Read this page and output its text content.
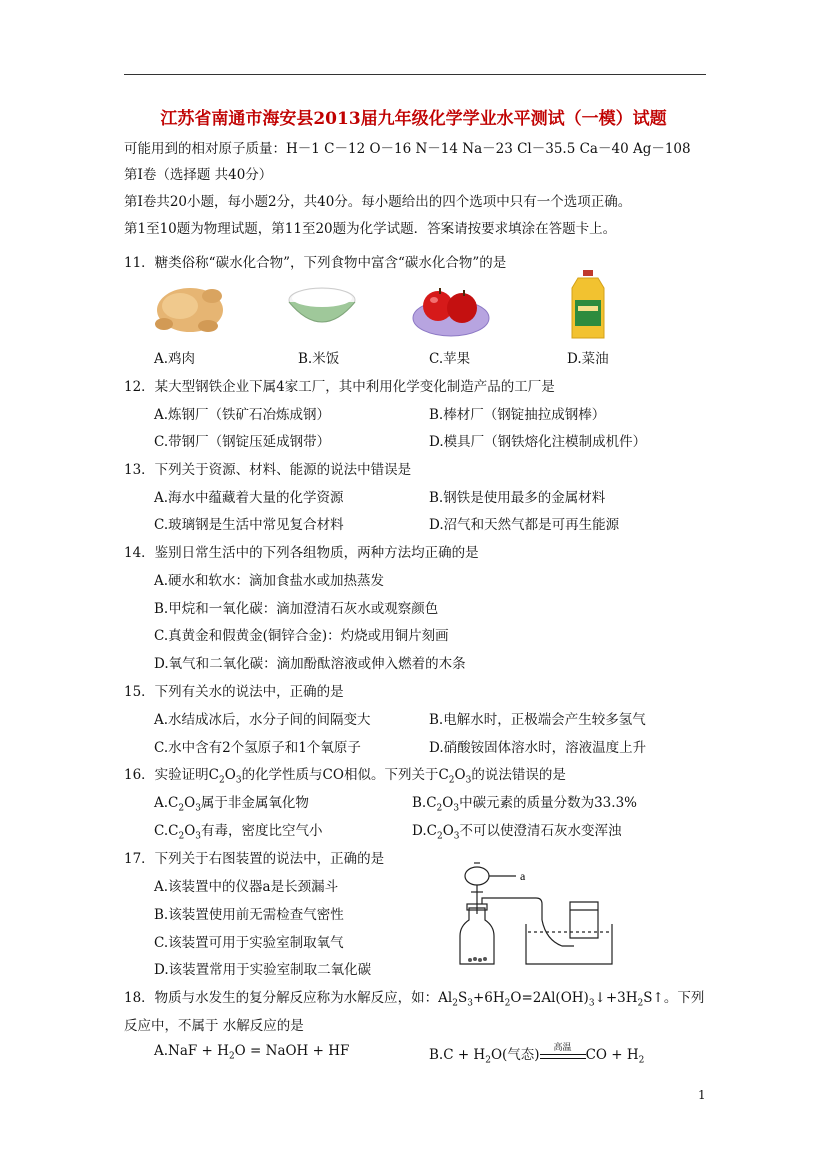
江苏省南通市海安县2013届九年级化学学业水平测试（一模）试题
可能用到的相对原子质量：H－1 C－12 O－16 N－14 Na－23 Cl－35.5 Ca－40 Ag－108
第Ⅰ卷（选择题 共40分）
第Ⅰ卷共20小题，每小题2分，共40分。每小题给出的四个选项中只有一个选项正确。
第1至10题为物理试题，第11至20题为化学试题．答案请按要求填涂在答题卡上。
11．糖类俗称“碳水化合物”，下列食物中富含“碳水化合物”的是
A.鸡肉	B.米饭	C.苹果	D.菜油
12．某大型钢铁企业下属4家工厂，其中利用化学变化制造产品的工厂是
A.炼钢厂（铁矿石冶炼成钢）	B.棒材厂（钢锭抽拉成钢棒）
C.带钢厂（钢锭压延成钢带）	D.模具厂（钢铁熔化注模制成机件）
13．下列关于资源、材料、能源的说法中错误是
A.海水中蕴藏着大量的化学资源	B.钢铁是使用最多的金属材料
C.玻璃钢是生活中常见复合材料	D.沼气和天然气都是可再生能源
14．鉴别日常生活中的下列各组物质，两种方法均正确的是
A.硬水和软水：滴加食盐水或加热蒸发
B.甲烷和一氧化碳：滴加澄清石灰水或观察颜色
C.真黄金和假黄金(铜锌合金)：灼烧或用铜片刻画
D.氧气和二氧化碳：滴加酚酞溶液或伸入燃着的木条
15．下列有关水的说法中，正确的是
A.水结成冰后，水分子间的间隔变大	B.电解水时，正极端会产生较多氢气
C.水中含有2个氢原子和1个氧原子	D.硝酸铵固体溶水时，溶液温度上升
16．实验证明$C_2O_3$的化学性质与CO相似。下列关于$C_2O_3$的说法错误的是
$A.C_2O_3$属于非金属氧化物	$B.C_2O_3$中碳元素的质量分数为33.3%
$C.C_2O_3$有毒，密度比空气小	$D.C_2O_3$不可以使澄清石灰水变浑浊
17．下列关于右图装置的说法中，正确的是
A.该装置中的仪器a是长颈漏斗
B.该装置使用前无需检查气密性
C.该装置可用于实验室制取氧气
D.该装置常用于实验室制取二氧化碳
a
18．物质与水发生的复分解反应称为水解反应，如：$Al_2S_3+6H_2O=2Al(OH)_3↓+3H_2S↑$。下列
反应中，不属于 水解反应的是
$A.NaF + H_2O$ = NaOH + HF	$B.C + H_2O$(气态)	高温	CO + $H_2$
1
